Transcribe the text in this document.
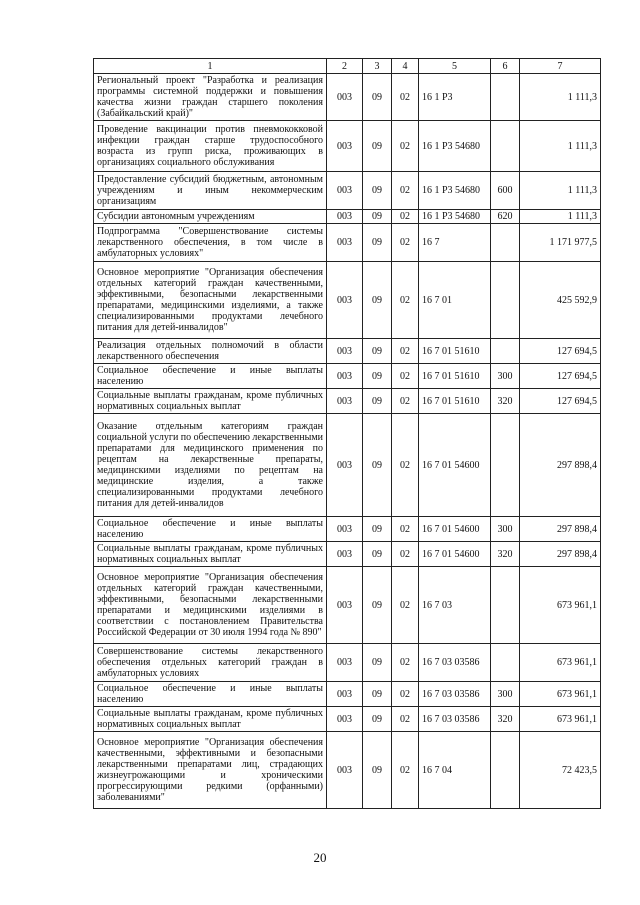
1	2	3	4	5	6	7
Региональный проект "Разработка и реализация программы системной поддержки и повышения качества жизни граждан старшего поколения (Забайкальский край)"	003	09	02	16 1 P3		1 111,3
Проведение вакцинации против пневмококковой инфекции граждан старше трудоспособного возраста из групп риска, проживающих в организациях социального обслуживания	003	09	02	16 1 P3 54680		1 111,3
Предоставление субсидий бюджетным, автономным учреждениям и иным некоммерческим организациям	003	09	02	16 1 P3 54680	600	1 111,3
Субсидии автономным учреждениям	003	09	02	16 1 P3 54680	620	1 111,3
Подпрограмма "Совершенствование системы лекарственного обеспечения, в том числе в амбулаторных условиях"	003	09	02	16 7		1 171 977,5
Основное мероприятие "Организация обеспечения отдельных категорий граждан качественными, эффективными, безопасными лекарственными препаратами, медицинскими изделиями, а также специализированными продуктами лечебного питания для детей-инвалидов"	003	09	02	16 7 01		425 592,9
Реализация отдельных полномочий в области лекарственного обеспечения	003	09	02	16 7 01 51610		127 694,5
Социальное обеспечение и иные выплаты населению	003	09	02	16 7 01 51610	300	127 694,5
Социальные выплаты гражданам, кроме публичных нормативных социальных выплат	003	09	02	16 7 01 51610	320	127 694,5
Оказание отдельным категориям граждан социальной услуги по обеспечению лекарственными препаратами для медицинского применения по рецептам на лекарственные препараты, медицинскими изделиями по рецептам на медицинские изделия, а также специализированными продуктами лечебного питания для детей-инвалидов	003	09	02	16 7 01 54600		297 898,4
Социальное обеспечение и иные выплаты населению	003	09	02	16 7 01 54600	300	297 898,4
Социальные выплаты гражданам, кроме публичных нормативных социальных выплат	003	09	02	16 7 01 54600	320	297 898,4
Основное мероприятие "Организация обеспечения отдельных категорий граждан качественными, эффективными, безопасными лекарственными препаратами и медицинскими изделиями в соответствии с постановлением Правительства Российской Федерации от 30 июля 1994 года № 890"	003	09	02	16 7 03		673 961,1
Совершенствование системы лекарственного обеспечения отдельных категорий граждан в амбулаторных условиях	003	09	02	16 7 03 03586		673 961,1
Социальное обеспечение и иные выплаты населению	003	09	02	16 7 03 03586	300	673 961,1
Социальные выплаты гражданам, кроме публичных нормативных социальных выплат	003	09	02	16 7 03 03586	320	673 961,1
Основное мероприятие "Организация обеспечения качественными, эффективными и безопасными лекарственными препаратами лиц, страдающих жизнеугрожающими и хроническими прогрессирующими редкими (орфанными) заболеваниями"	003	09	02	16 7 04		72 423,5
20
